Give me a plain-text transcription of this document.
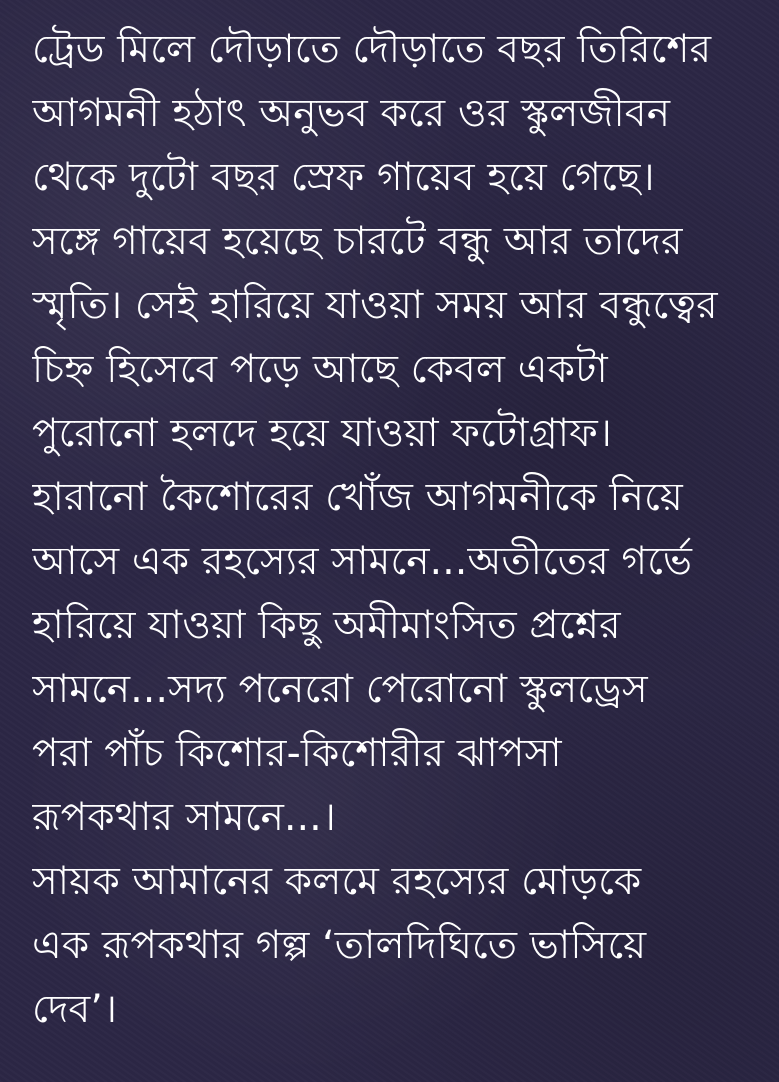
ট্রেড মিলে দৌড়াতে দৌড়াতে বছর তিরিশের
আগমনী হঠাৎ অনুভব করে ওর স্কুলজীবন
থেকে দুটো বছর স্রেফ গায়েব হয়ে গেছে।
সঙ্গে গায়েব হয়েছে চারটে বন্ধু আর তাদের
স্মৃতি। সেই হারিয়ে যাওয়া সময় আর বন্ধুত্বের
চিহ্ন হিসেবে পড়ে আছে কেবল একটা
পুরোনো হলদে হয়ে যাওয়া ফটোগ্রাফ।
হারানো কৈশোরের খোঁজ আগমনীকে নিয়ে
আসে এক রহস্যের সামনে...অতীতের গর্ভে
হারিয়ে যাওয়া কিছু অমীমাংসিত প্রশ্নের
সামনে...সদ্য পনেরো পেরোনো স্কুলড্রেস
পরা পাঁচ কিশোর-কিশোরীর ঝাপসা
রূপকথার সামনে...।
সায়ক আমানের কলমে রহস্যের মোড়কে
এক রূপকথার গল্প ‘তালদিঘিতে ভাসিয়ে
দেব’।
